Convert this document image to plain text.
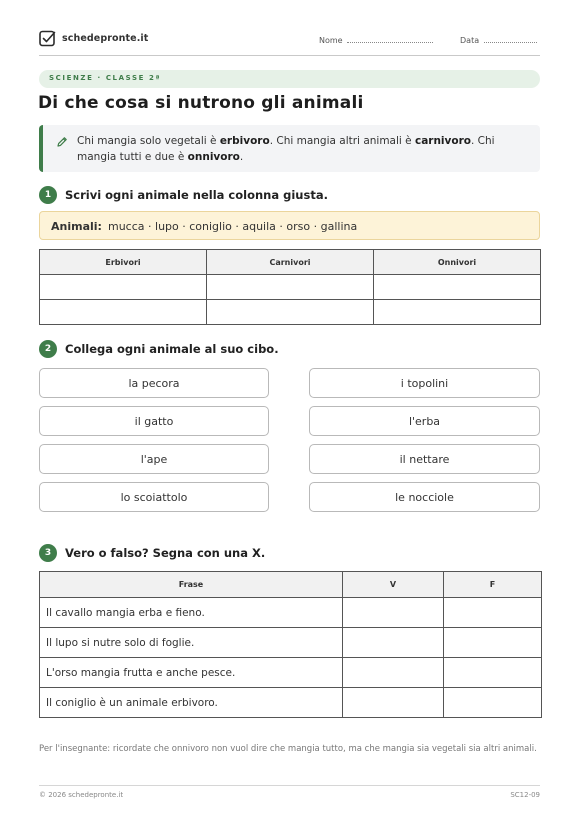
schedepronte.it	Nome	Data
SCIENZE · CLASSE 2ª
Di che cosa si nutrono gli animali

Chi mangia solo vegetali è erbivoro. Chi mangia altri animali è carnivoro. Chi mangia tutti e due è onnivoro.

1	Scrivi ogni animale nella colonna giusta.
Animali: mucca · lupo · coniglio · aquila · orso · gallina
Erbivori	Carnivori	Onnivori

2	Collega ogni animale al suo cibo.
la pecora
il gatto
l'ape
lo scoiattolo
i topolini
l'erba
il nettare
le nocciole
3	Vero o falso? Segna con una X.
Frase	V	F
Il cavallo mangia erba e fieno.		
Il lupo si nutre solo di foglie.		
L'orso mangia frutta e anche pesce.		
Il coniglio è un animale erbivoro.		
Per l'insegnante: ricordate che onnivoro non vuol dire che mangia tutto, ma che mangia sia vegetali sia altri animali.
© 2026 schedepronte.it	SC12-09
